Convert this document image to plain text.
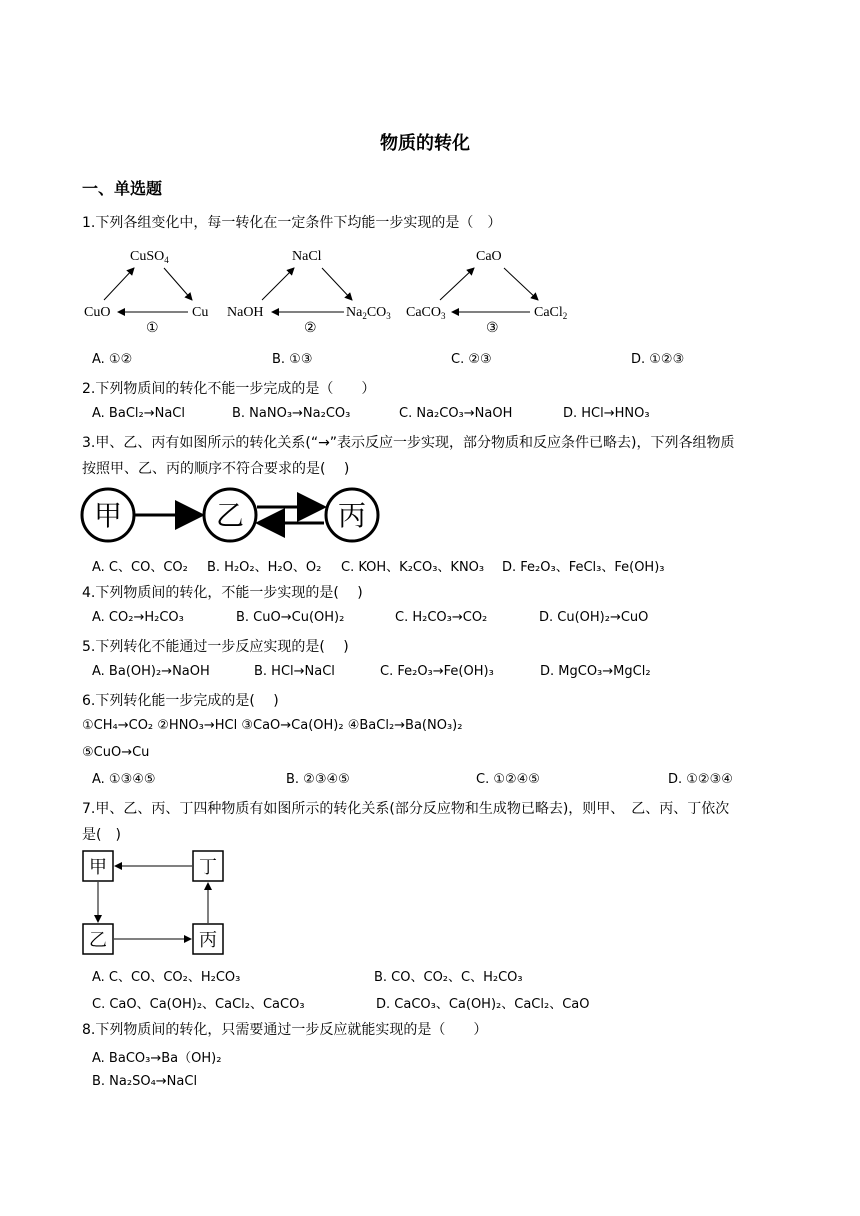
物质的转化
一、单选题
1.下列各组变化中，每一转化在一定条件下均能一步实现的是（　）
CuSO$_4$
CuO	Cu
①
NaCl
NaOH	$Na_2CO_3$
②
CaO
CaCO$_3$	CaCl$_2$
③
A. ①②	B. ①③	C. ②③	D. ①②③
2.下列物质间的转化不能一步完成的是（　　）
A. BaCl₂→NaCl	B. NaNO₃→Na₂CO₃	C. Na₂CO₃→NaOH	D. HCl→HNO₃
3.甲、乙、丙有如图所示的转化关系(“→”表示反应一步实现，部分物质和反应条件已略去)，下列各组物质
按照甲、乙、丙的顺序不符合要求的是(　 )
甲	乙	丙
A. C、CO、CO₂ B. H₂O₂、H₂O、O₂ C. KOH、K₂CO₃、KNO₃ D. Fe₂O₃、FeCl₃、Fe(OH)₃
4.下列物质间的转化，不能一步实现的是(　 )
A. CO₂→H₂CO₃	B. CuO→Cu(OH)₂	C. H₂CO₃→CO₂	D. Cu(OH)₂→CuO
5.下列转化不能通过一步反应实现的是(　 )
A. Ba(OH)₂→NaOH	B. HCl→NaCl	C. Fe₂O₃→Fe(OH)₃	D. MgCO₃→MgCl₂
6.下列转化能一步完成的是(　 )
①CH₄→CO₂ ②HNO₃→HCl ③CaO→Ca(OH)₂ ④BaCl₂→Ba(NO₃)₂
⑤CuO→Cu
A. ①③④⑤	B. ②③④⑤	C. ①②④⑤	D. ①②③④
7.甲、乙、丙、丁四种物质有如图所示的转化关系(部分反应物和生成物已略去)，则甲、　乙、丙、丁依次
是(　)
甲	丁
乙	丙
A. C、CO、CO₂、H₂CO₃	B. CO、CO₂、C、H₂CO₃
C. CaO、Ca(OH)₂、CaCl₂、CaCO₃	D. CaCO₃、Ca(OH)₂、CaCl₂、CaO
8.下列物质间的转化，只需要通过一步反应就能实现的是（　　）
A. BaCO₃→Ba（OH)₂
B. Na₂SO₄→NaCl
